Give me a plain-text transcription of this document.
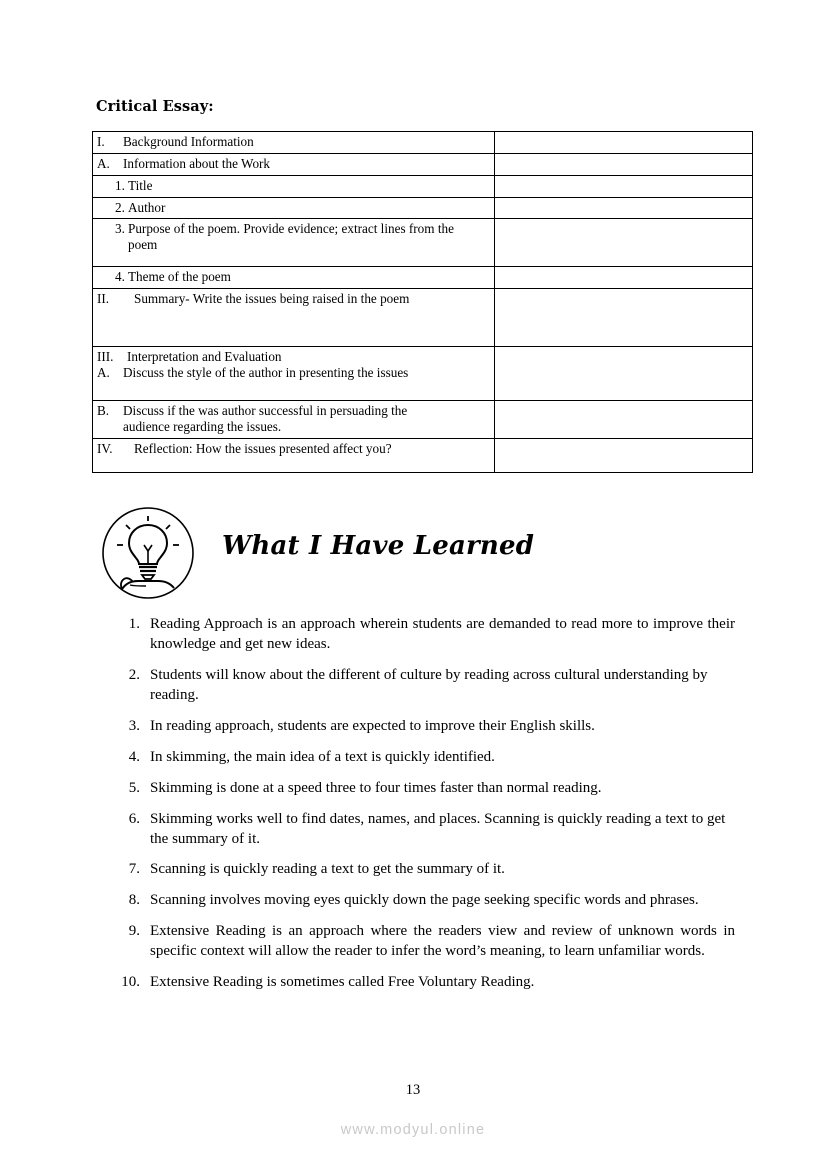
Critical Essay:
I. Background Information	
A. Information about the Work	
1. Title	
2. Author	
3. Purpose of the poem. Provide evidence; extract lines from the poem	
4. Theme of the poem	
II. Summary- Write the issues being raised in the poem	

III. Interpretation and Evaluation
A. Discuss the style of the author in presenting the issues	

B. Discuss if the was author successful in persuading the audience regarding the issues.	
IV. Reflection: How the issues presented affect you?	
What I Have Learned
1. Reading Approach is an approach wherein students are demanded to read more to improve their knowledge and get new ideas.
2. Students will know about the different of culture by reading across cultural understanding by reading.
3. In reading approach, students are expected to improve their English skills.
4. In skimming, the main idea of a text is quickly identified.
5. Skimming is done at a speed three to four times faster than normal reading.
6. Skimming works well to find dates, names, and places. Scanning is quickly reading a text to get the summary of it.
7. Scanning is quickly reading a text to get the summary of it.
8. Scanning involves moving eyes quickly down the page seeking specific words and phrases.
9. Extensive Reading is an approach where the readers view and review of unknown words in specific context will allow the reader to infer the word’s meaning, to learn unfamiliar words.
10. Extensive Reading is sometimes called Free Voluntary Reading.
13
www.modyul.online
